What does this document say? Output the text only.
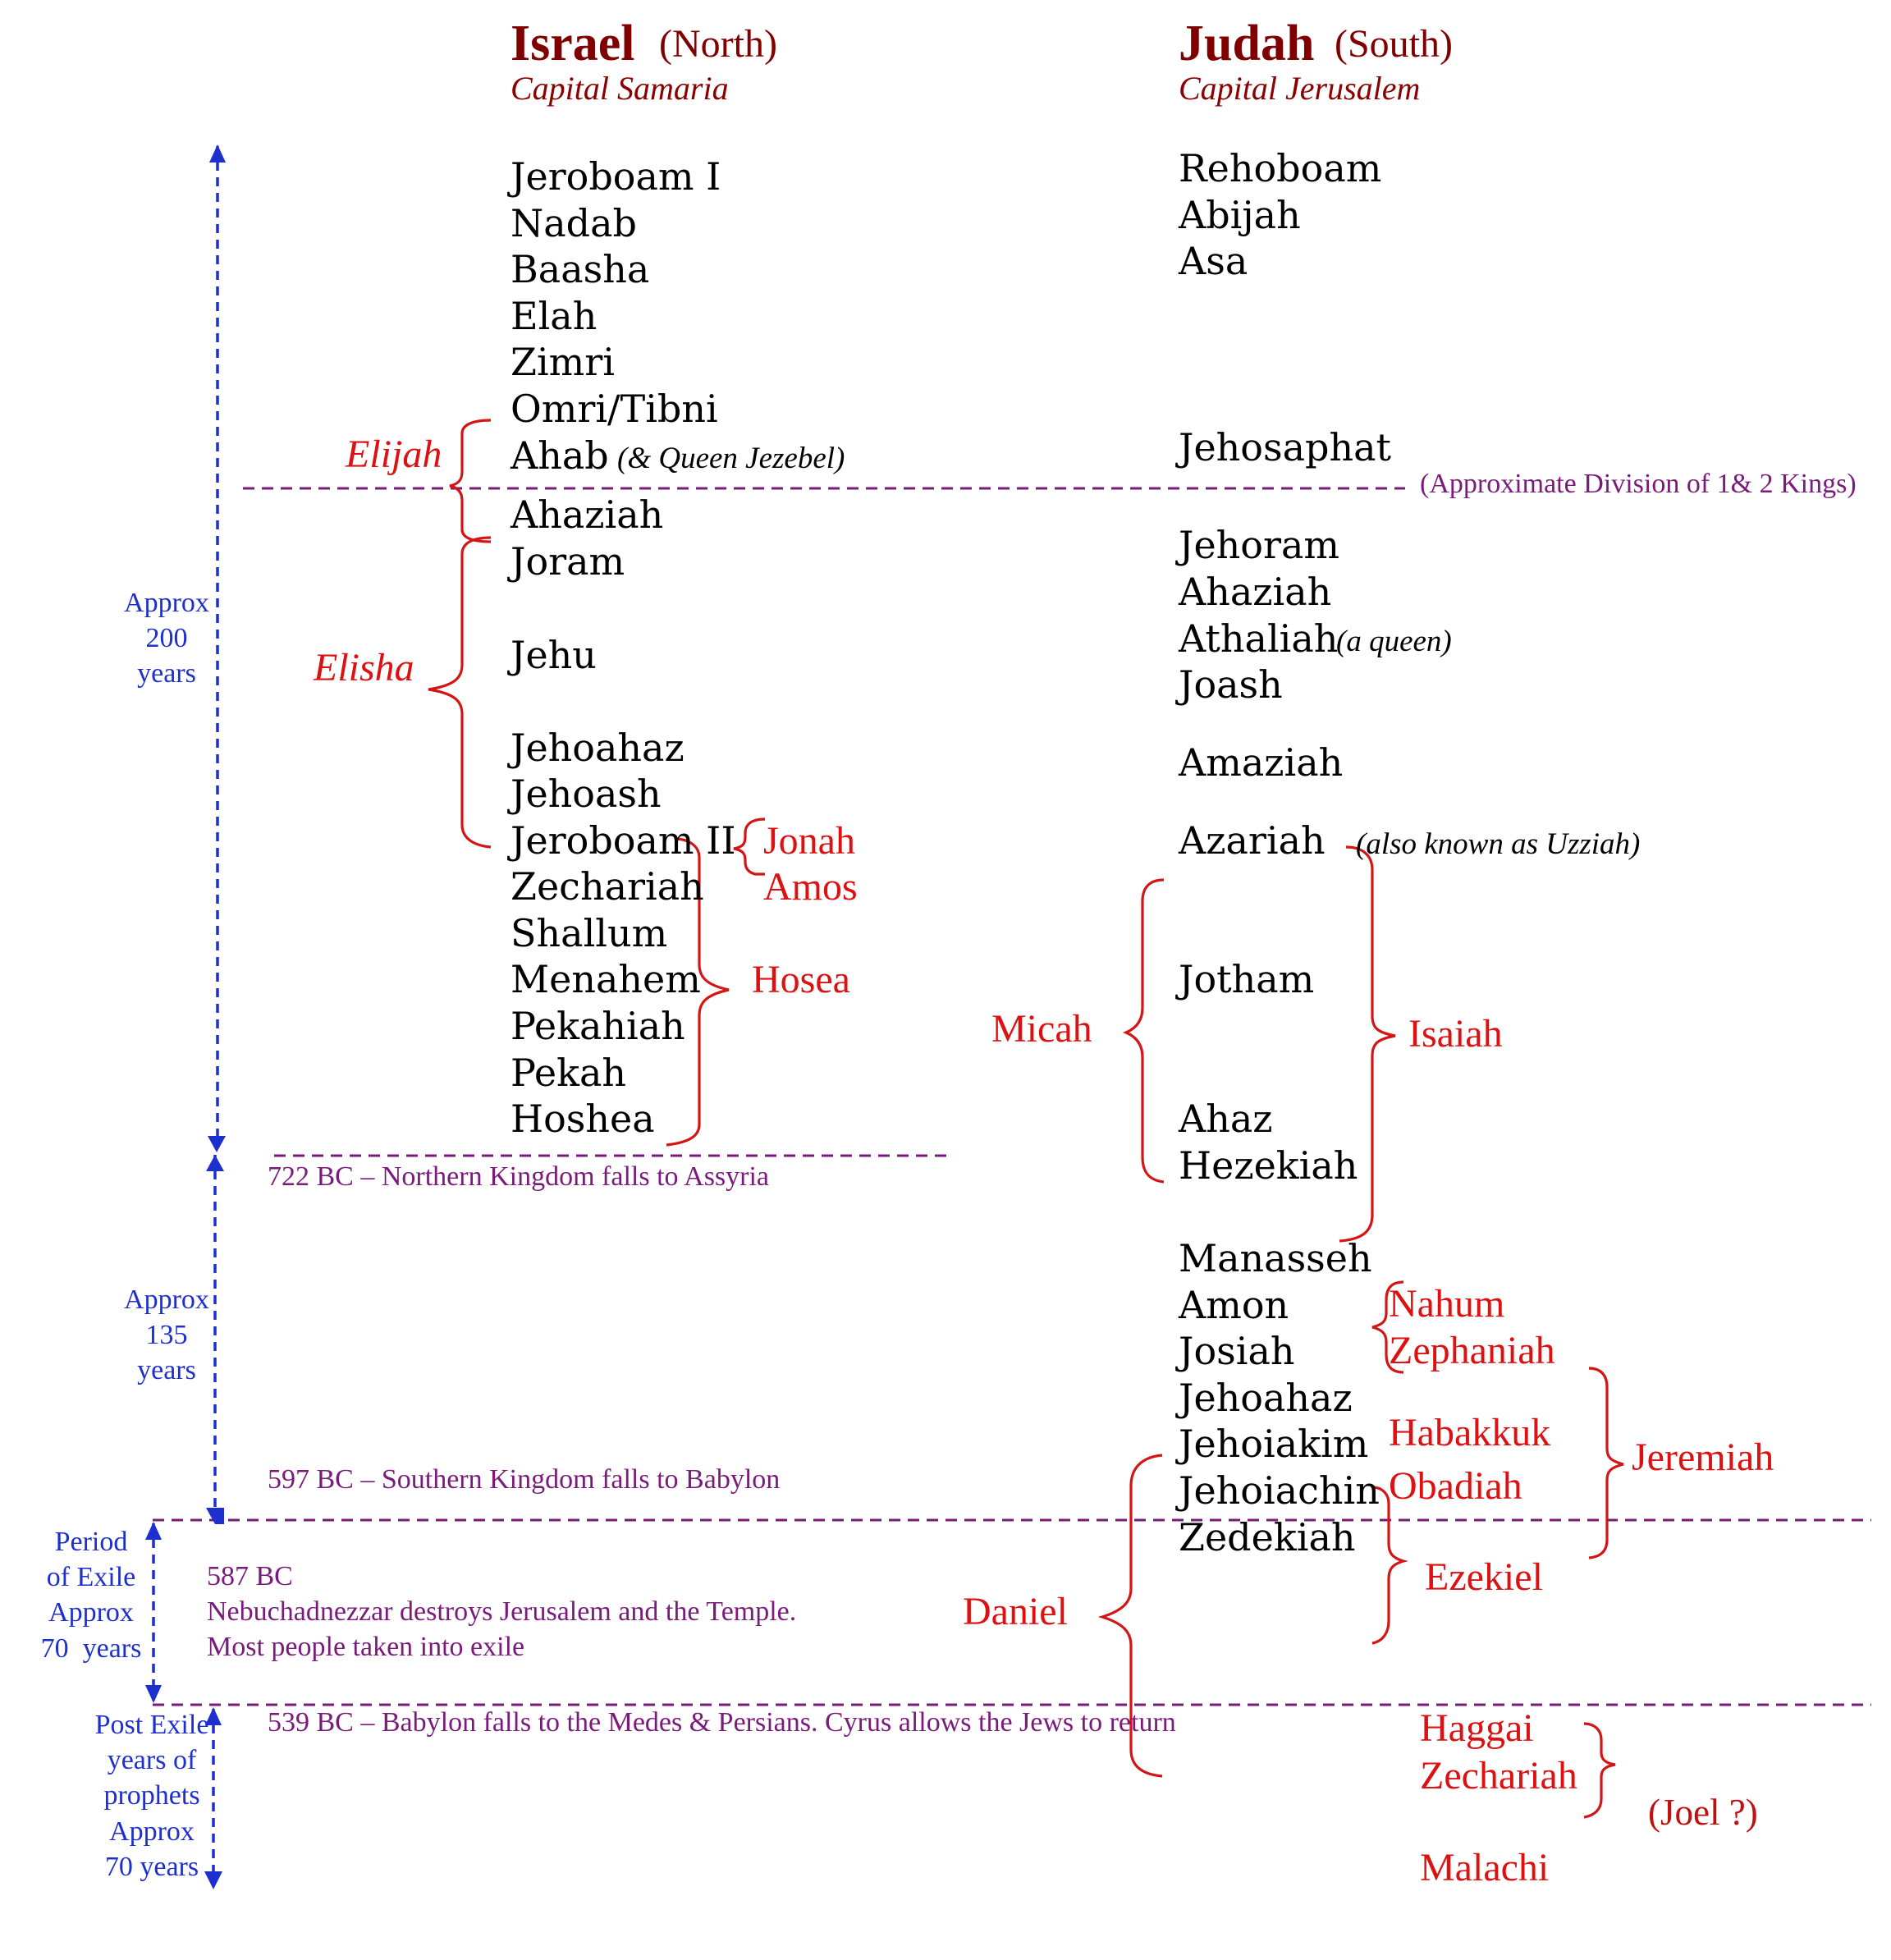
Israel (North)
Capital Samaria
Judah (South)
Capital Jerusalem
Jeroboam I
Nadab
Baasha
Elah
Zimri
Omri/Tibni
Ahab (& Queen Jezebel)
Ahaziah
Joram
Jehu
Jehoahaz
Jehoash
Jeroboam II
Zechariah
Shallum
Menahem
Pekahiah
Pekah
Hoshea
Rehoboam
Abijah
Asa
Jehosaphat
Jehoram
Ahaziah
Athaliah
(a queen)
Joash
Amaziah
Azariah (also known as Uzziah)
Jotham
Ahaz
Hezekiah
Manasseh
Amon
Josiah
Jehoahaz
Jehoiakim
Jehoiachin
Zedekiah
Elijah
Elisha
Jonah
Amos
Hosea
Micah	Isaiah
Nahum
Zephaniah
Habakkuk
Obadiah
Jeremiah
Ezekiel
Daniel
Haggai
Zechariah
(Joel ?)
Malachi
(Approximate Division of 1& 2 Kings)
722 BC – Northern Kingdom falls to Assyria
597 BC – Southern Kingdom falls to Babylon
587 BC
Nebuchadnezzar destroys Jerusalem and the Temple.
Most people taken into exile
539 BC – Babylon falls to the Medes & Persians. Cyrus allows the Jews to return
Approx
200
years
Approx
135
years
Period
of Exile
Approx
70  years
Post Exile
years of
prophets
Approx
70 years
